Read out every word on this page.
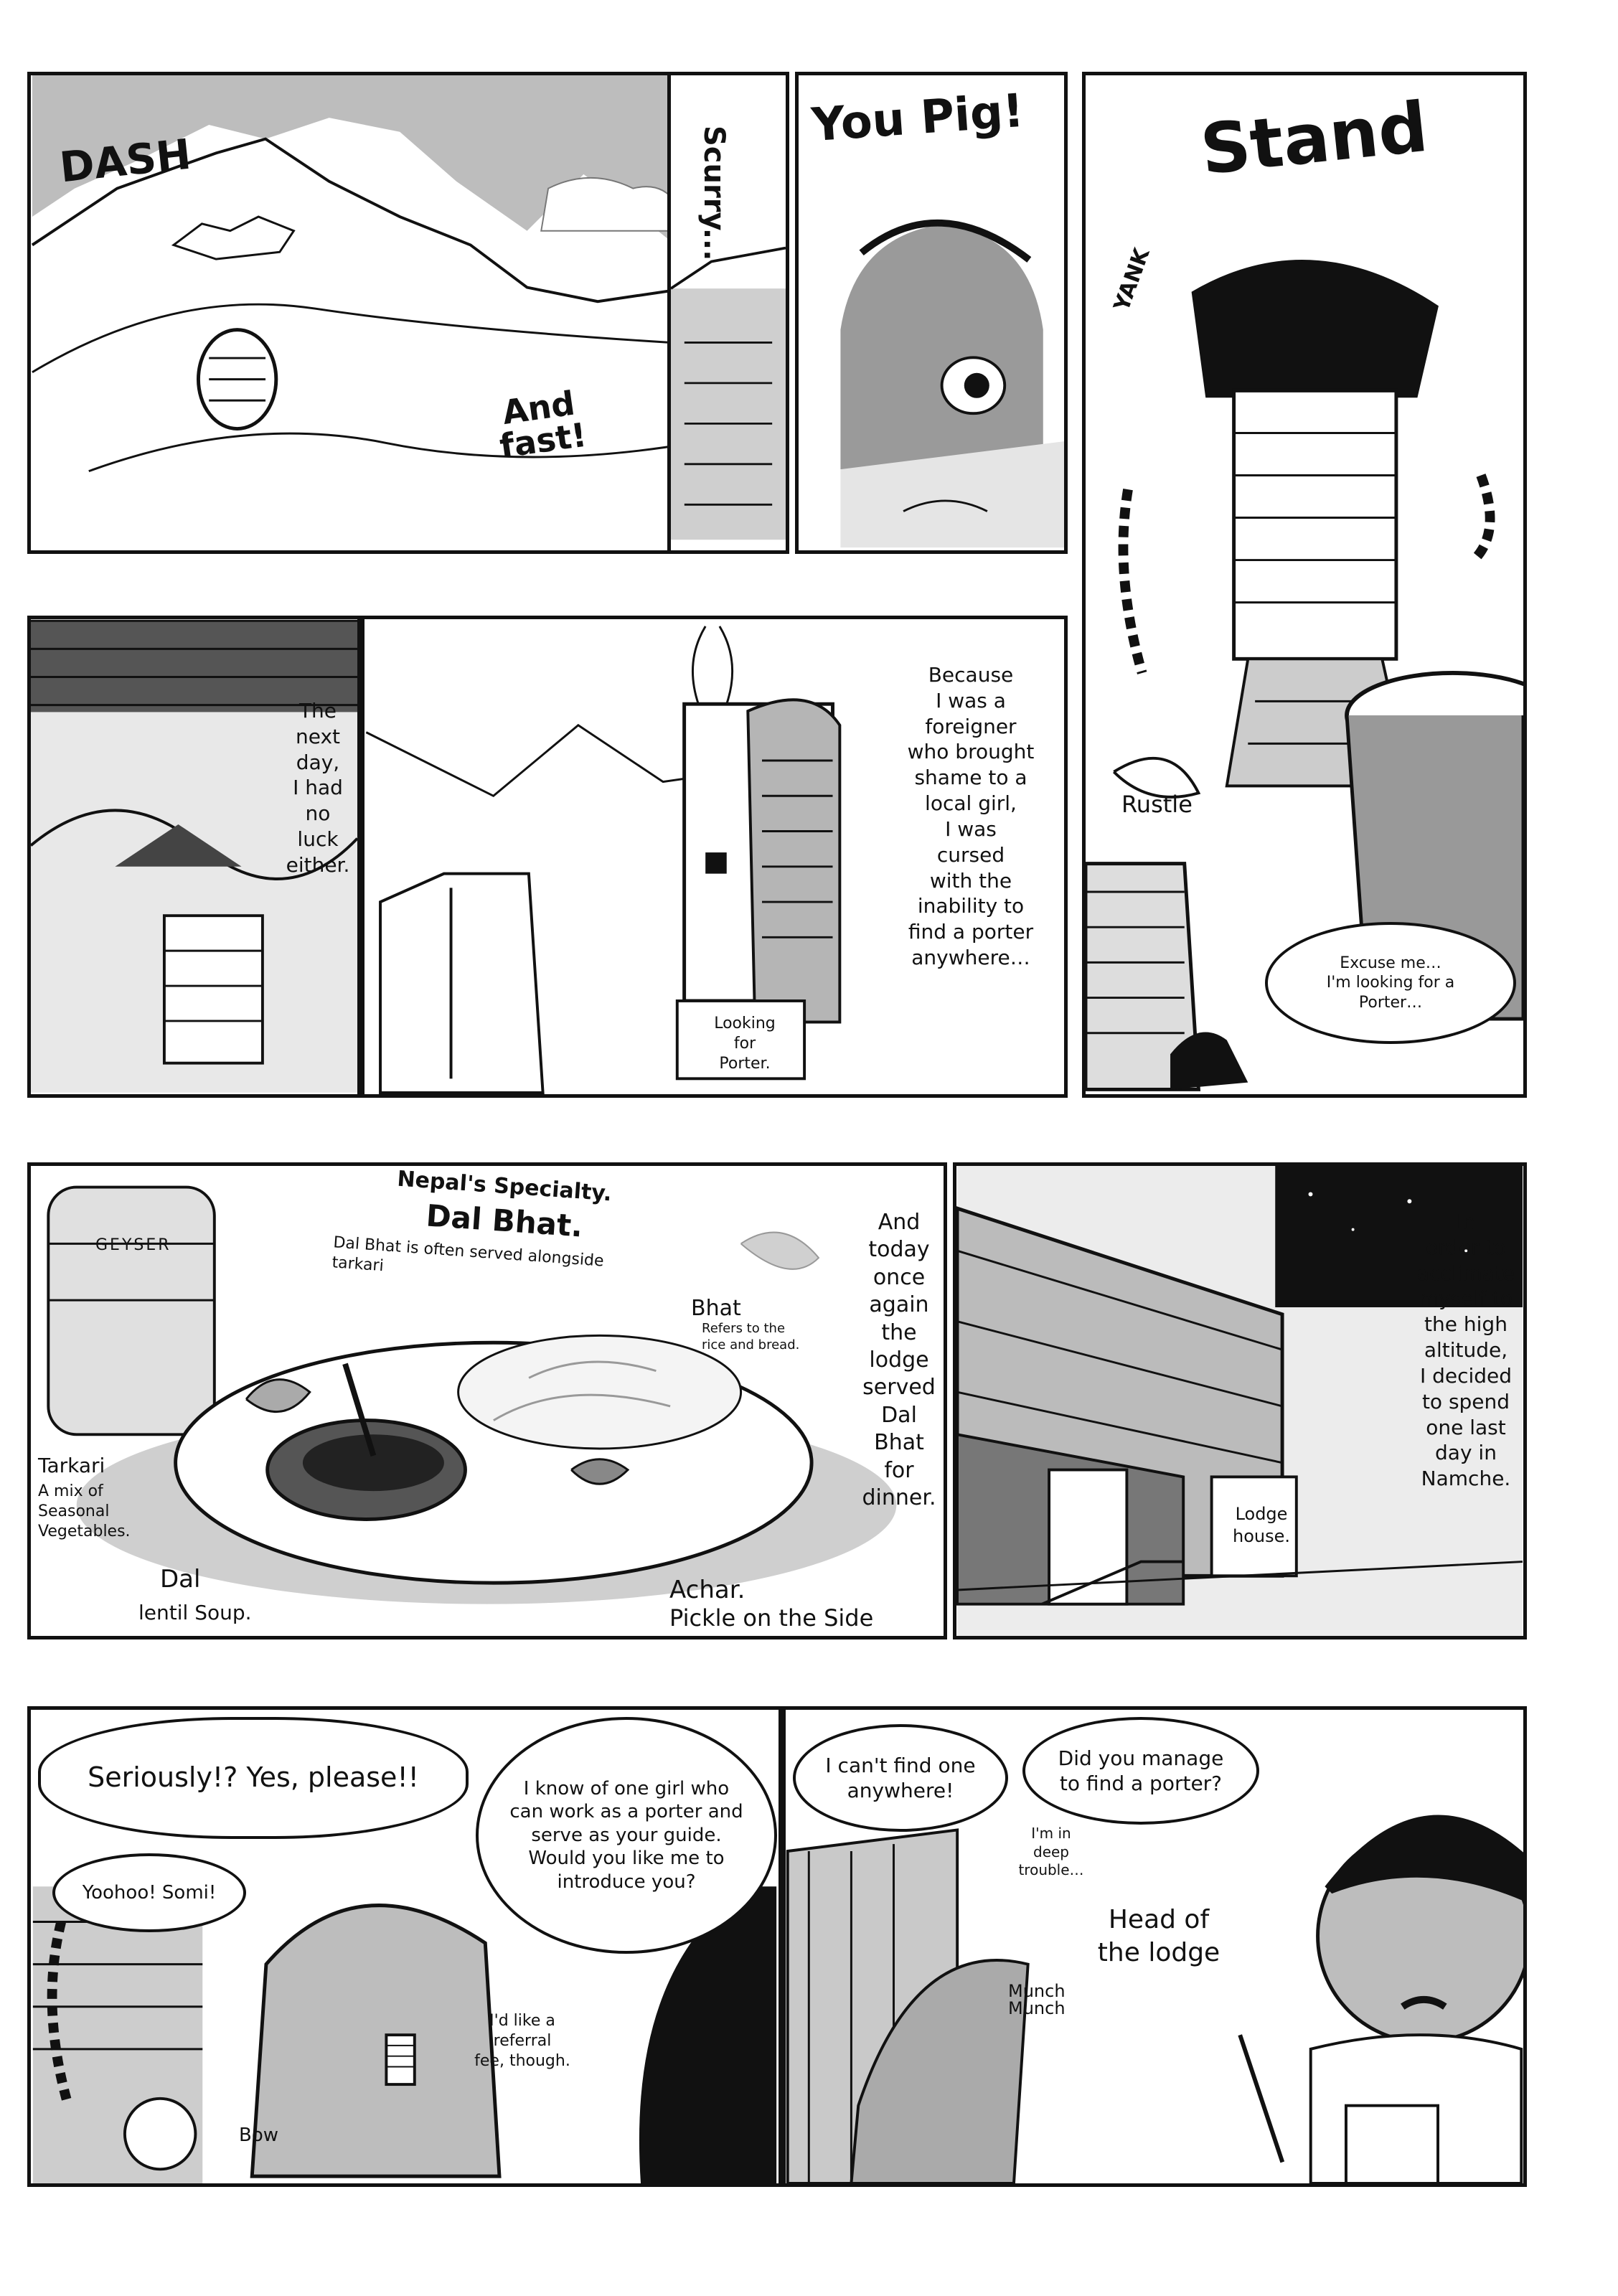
DASH
And
fast!
Scurry...
You Pig! Stand
YANK
Rustle
Excuse me…
I'm looking for a
Porter…
The
next
day,
I had
no luck
either.
Looking
for
Porter.
Because
I was a
foreigner
who brought
shame to a
local girl,
I was
cursed
with the
inability to
find a porter
anywhere…
GEYSER
Nepal's Specialty.
Dal Bhat.
Dal Bhat is often served alongside
tarkari
Bhat
Refers to the
rice and bread.
Tarkari
A mix of
Seasonal
Vegetables.
Dal
lentil Soup.
Achar.
Pickle on the Side
And
today
once
again
the
lodge
served
Dal Bhat
for
dinner.
Lodge
house.
In
order to
acclimate
myself to
the high
altitude,
I decided
to spend
one last
day in
Namche.
Seriously!? Yes, please!!
Yoohoo! Somi!
I know of one girl who
can work as a porter and
serve as your guide.
Would you like me to
introduce you?
I'd like a
referral
fee, though.
Bow
I can't find one
anywhere!
Did you manage
to find a porter?
I'm in
deep
trouble…
Head of
the lodge
Munch
Munch
